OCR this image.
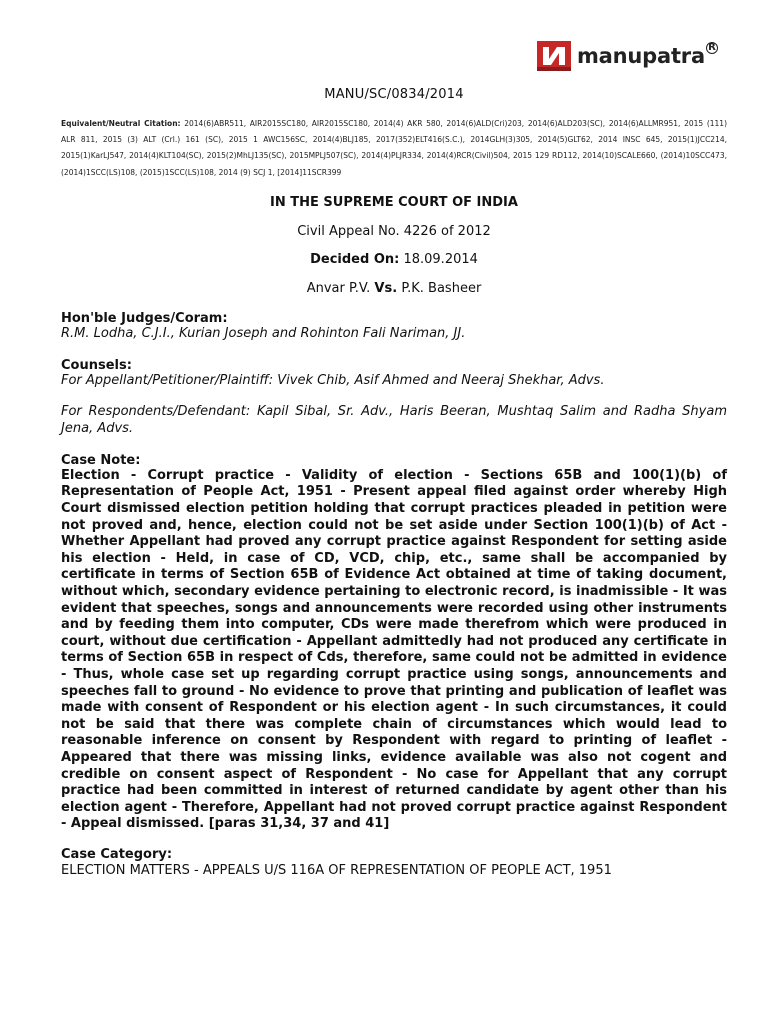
manupatra R
MANU/SC/0834/2014
Equivalent/Neutral Citation: 2014(6)ABR511, AIR2015SC180, AIR2015SC180, 2014(4) AKR 580, 2014(6)ALD(Cri)203, 2014(6)ALD203(SC), 2014(6)ALLMR951, 2015 (111) ALR 811, 2015 (3) ALT (Crl.) 161 (SC), 2015 1 AWC156SC, 2014(4)BLJ185, 2017(352)ELT416(S.C.), 2014GLH(3)305, 2014(5)GLT62, 2014 INSC 645, 2015(1)JCC214, 2015(1)KarLJ547, 2014(4)KLT104(SC), 2015(2)MhLJ135(SC), 2015MPLJ507(SC), 2014(4)PLJR334, 2014(4)RCR(Civil)504, 2015 129 RD112, 2014(10)SCALE660, (2014)10SCC473, (2014)1SCC(LS)108, (2015)1SCC(LS)108, 2014 (9) SCJ 1, [2014]11SCR399
IN THE SUPREME COURT OF INDIA
Civil Appeal No. 4226 of 2012
Decided On: 18.09.2014
Anvar P.V. Vs. P.K. Basheer
Hon'ble Judges/Coram:
R.M. Lodha, C.J.I., Kurian Joseph and Rohinton Fali Nariman, JJ.
Counsels:
For Appellant/Petitioner/Plaintiff: Vivek Chib, Asif Ahmed and Neeraj Shekhar, Advs.
For Respondents/Defendant: Kapil Sibal, Sr. Adv., Haris Beeran, Mushtaq Salim and Radha Shyam Jena, Advs.
Case Note:
Election - Corrupt practice - Validity of election - Sections 65B and 100(1)(b) of Representation of People Act, 1951 - Present appeal filed against order whereby High Court dismissed election petition holding that corrupt practices pleaded in petition were not proved and, hence, election could not be set aside under Section 100(1)(b) of Act - Whether Appellant had proved any corrupt practice against Respondent for setting aside his election - Held, in case of CD, VCD, chip, etc., same shall be accompanied by certificate in terms of Section 65B of Evidence Act obtained at time of taking document, without which, secondary evidence pertaining to electronic record, is inadmissible - It was evident that speeches, songs and announcements were recorded using other instruments and by feeding them into computer, CDs were made therefrom which were produced in court, without due certification - Appellant admittedly had not produced any certificate in terms of Section 65B in respect of Cds, therefore, same could not be admitted in evidence - Thus, whole case set up regarding corrupt practice using songs, announcements and speeches fall to ground - No evidence to prove that printing and publication of leaflet was made with consent of Respondent or his election agent - In such circumstances, it could not be said that there was complete chain of circumstances which would lead to reasonable inference on consent by Respondent with regard to printing of leaflet - Appeared that there was missing links, evidence available was also not cogent and credible on consent aspect of Respondent - No case for Appellant that any corrupt practice had been committed in interest of returned candidate by agent other than his election agent - Therefore, Appellant had not proved corrupt practice against Respondent - Appeal dismissed. [paras 31,34, 37 and 41]
Case Category:
ELECTION MATTERS - APPEALS U/S 116A OF REPRESENTATION OF PEOPLE ACT, 1951
